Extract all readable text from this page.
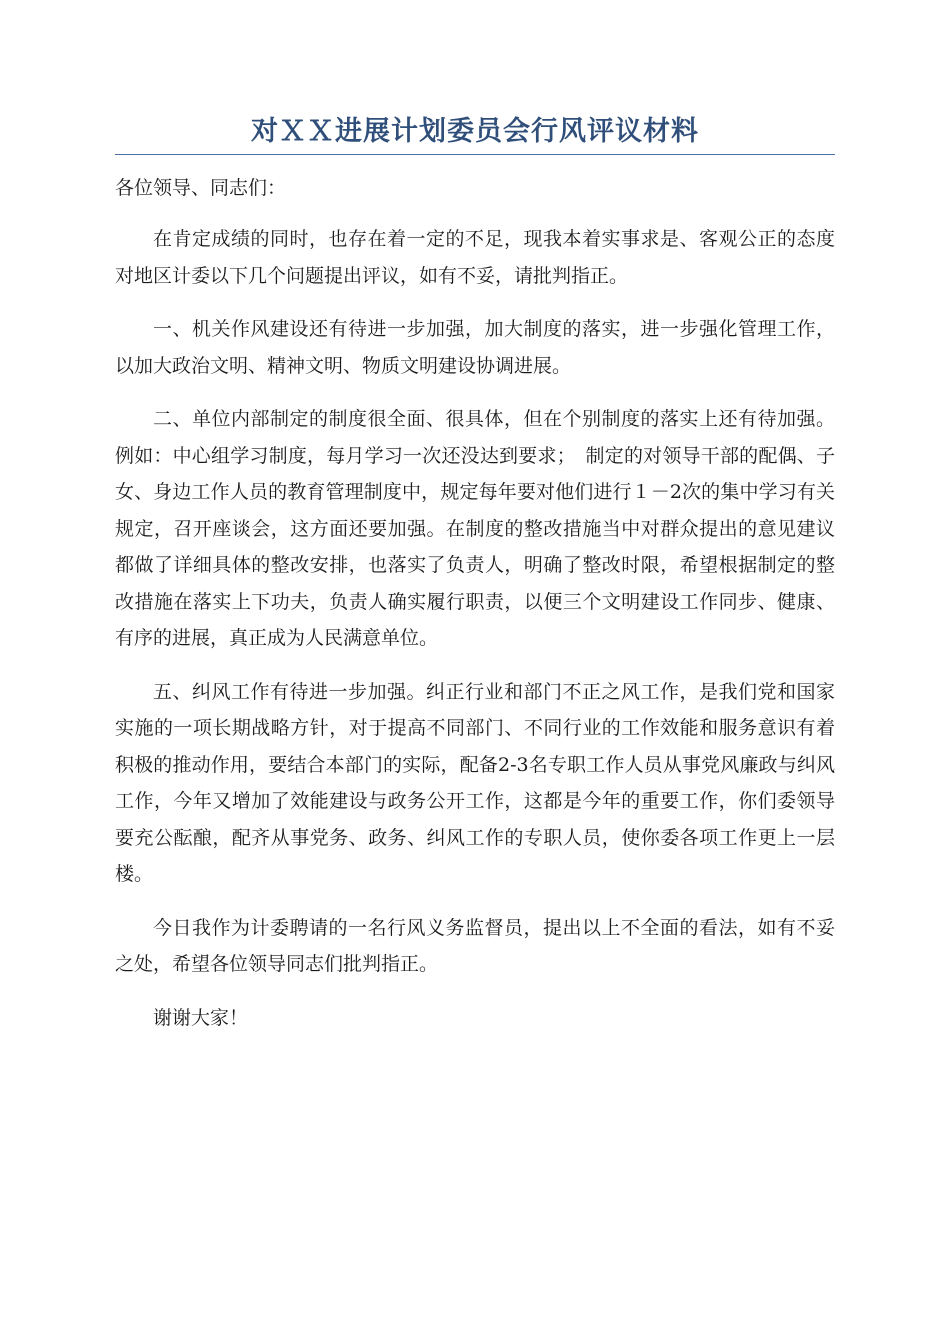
对ＸＸ进展计划委员会行风评议材料

各位领导、同志们：

在肯定成绩的同时，也存在着一定的不足，现我本着实事求是、客观公正的态度对地区计委以下几个问题提出评议，如有不妥，请批判指正。

一、机关作风建设还有待进一步加强，加大制度的落实，进一步强化管理工作，以加大政治文明、精神文明、物质文明建设协调进展。

二、单位内部制定的制度很全面、很具体，但在个别制度的落实上还有待加强。例如：中心组学习制度，每月学习一次还没达到要求；　制定的对领导干部的配偶、子女、身边工作人员的教育管理制度中，规定每年要对他们进行１－2次的集中学习有关规定，召开座谈会，这方面还要加强。在制度的整改措施当中对群众提出的意见建议都做了详细具体的整改安排，也落实了负责人，明确了整改时限，希望根据制定的整改措施在落实上下功夫，负责人确实履行职责，以便三个文明建设工作同步、健康、有序的进展，真正成为人民满意单位。

五、纠风工作有待进一步加强。纠正行业和部门不正之风工作，是我们党和国家实施的一项长期战略方针，对于提高不同部门、不同行业的工作效能和服务意识有着积极的推动作用，要结合本部门的实际，配备2-3名专职工作人员从事党风廉政与纠风工作，今年又增加了效能建设与政务公开工作，这都是今年的重要工作，你们委领导要充公酝酿，配齐从事党务、政务、纠风工作的专职人员，使你委各项工作更上一层楼。

今日我作为计委聘请的一名行风义务监督员，提出以上不全面的看法，如有不妥之处，希望各位领导同志们批判指正。

谢谢大家！
